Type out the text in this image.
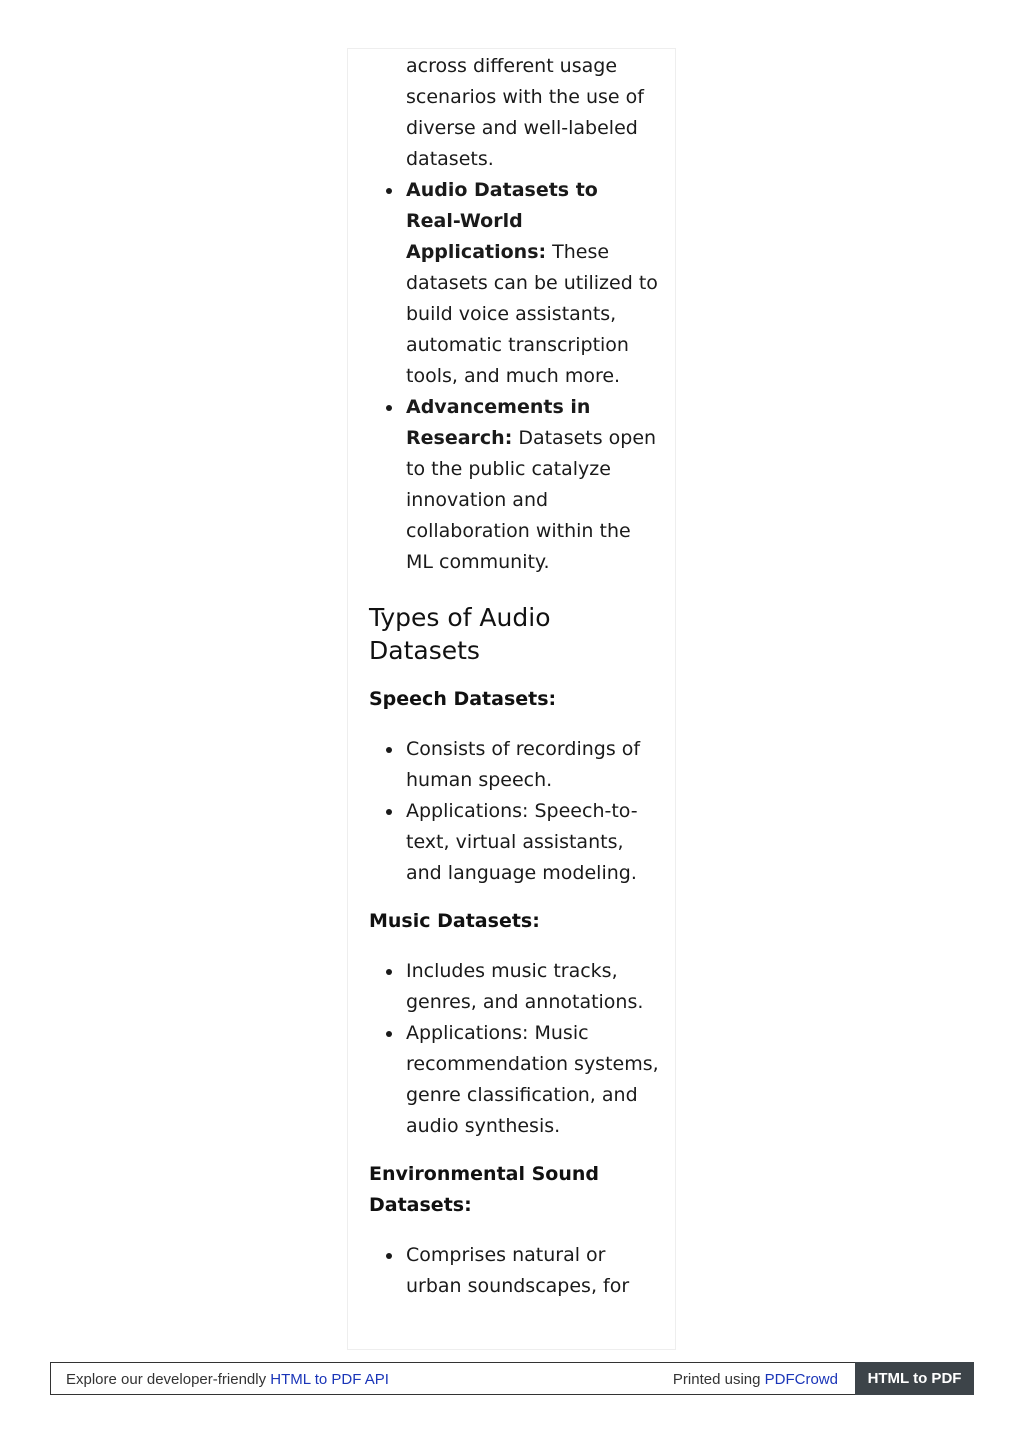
across different usage scenarios with the use of diverse and well-labeled datasets.
Audio Datasets to Real-World Applications: These datasets can be utilized to build voice assistants, automatic transcription tools, and much more.
Advancements in Research: Datasets open to the public catalyze innovation and collaboration within the ML community.
Types of Audio Datasets
Speech Datasets:
Consists of recordings of human speech.
Applications: Speech-to-text, virtual assistants, and language modeling.
Music Datasets:
Includes music tracks, genres, and annotations.
Applications: Music recommendation systems, genre classification, and audio synthesis.
Environmental Sound Datasets:
Comprises natural or urban soundscapes, for
Explore our developer-friendly HTML to PDF API	Printed using PDFCrowd	HTML to PDF
